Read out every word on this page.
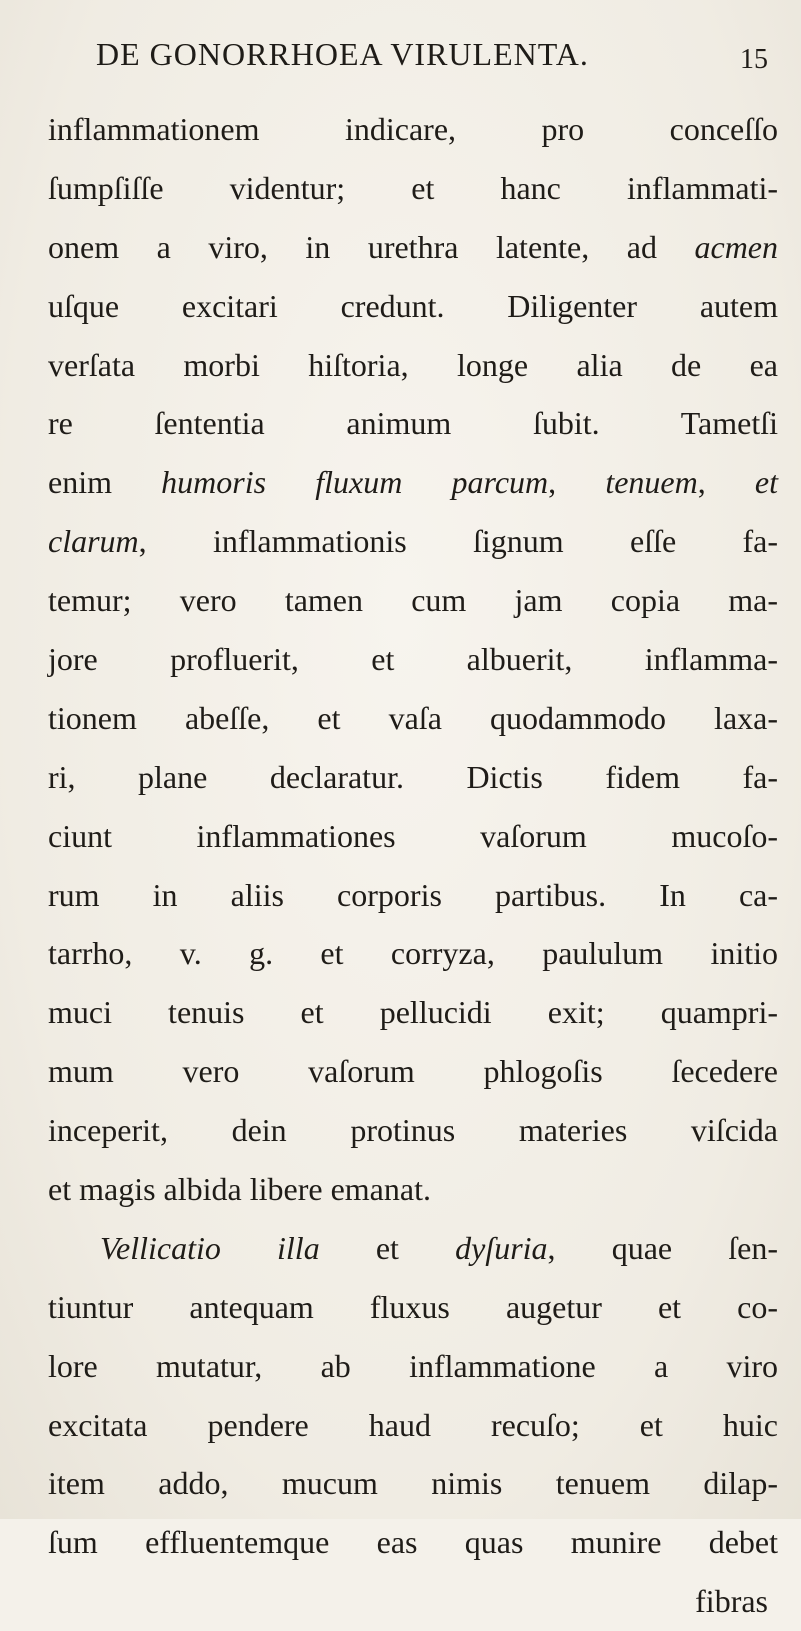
DE GONORRHOEA VIRULENTA.	15
inflammationem indicare, pro conceſſo
ſumpſiſſe videntur; et hanc inflammati-
onem a viro, in urethra latente, ad acmen
uſque excitari credunt. Diligenter autem
verſata morbi hiſtoria, longe alia de ea
re ſententia animum ſubit. Tametſi
enim humoris fluxum parcum, tenuem, et
clarum, inflammationis ſignum eſſe fa-
temur; vero tamen cum jam copia ma-
jore profluerit, et albuerit, inflamma-
tionem abeſſe, et vaſa quodammodo laxa-
ri, plane declaratur. Dictis fidem fa-
ciunt inflammationes vaſorum mucoſo-
rum in aliis corporis partibus. In ca-
tarrho, v. g. et corryza, paululum initio
muci tenuis et pellucidi exit; quampri-
mum vero vaſorum phlogoſis ſecedere
inceperit, dein protinus materies viſcida
et magis albida libere emanat.
Vellicatio illa et dyſuria, quae ſen-
tiuntur antequam fluxus augetur et co-
lore mutatur, ab inflammatione a viro
excitata pendere haud recuſo; et huic
item addo, mucum nimis tenuem dilap-
ſum effluentemque eas quas munire debet
fibras
